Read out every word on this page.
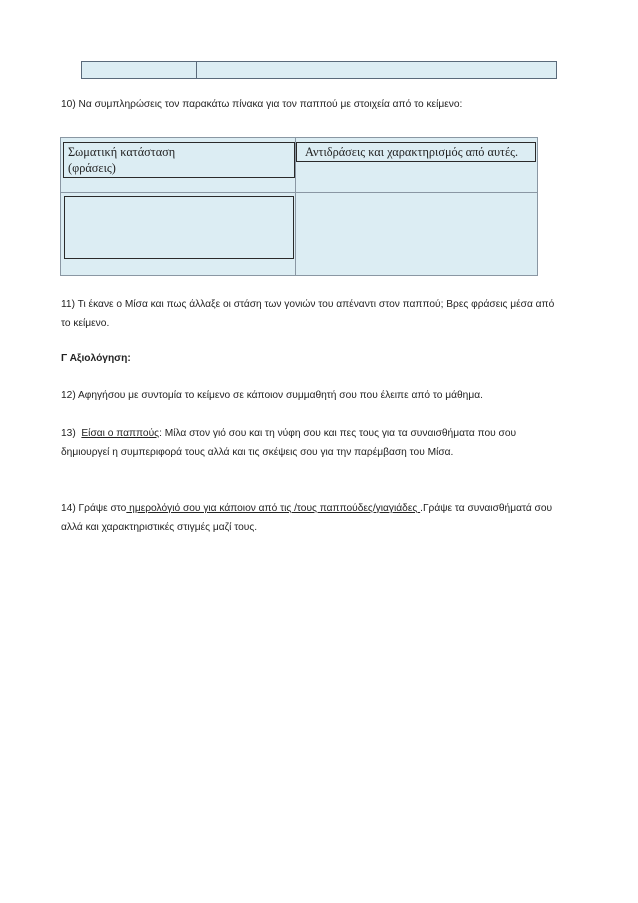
10) Να συμπληρώσεις τον παρακάτω πίνακα για τον παππού με στοιχεία από το κείμενο:

Σωματική κατάσταση
(φράσεις)
Αντιδράσεις και χαρακτηρισμός από αυτές.
11) Τι έκανε ο Μίσα και πως άλλαξε οι στάση των γονιών του απέναντι στον παππού; Βρες φράσεις μέσα από
το κείμενο.

Γ Αξιολόγηση:

12) Αφηγήσου με συντομία το κείμενο σε κάποιον συμμαθητή σου που έλειπε από το μάθημα.

13)  Είσαι ο παππούς: Μίλα στον γιό σου και τη νύφη σου και πες τους για τα συναισθήματα που σου
δημιουργεί η συμπεριφορά τους αλλά και τις σκέψεις σου για την παρέμβαση του Μίσα.
14) Γράψε στο ημερολόγιό σου για κάποιον από τις /τους παππούδες/γιαγιάδες .Γράψε τα συναισθήματά σου
αλλά και χαρακτηριστικές στιγμές μαζί τους.
